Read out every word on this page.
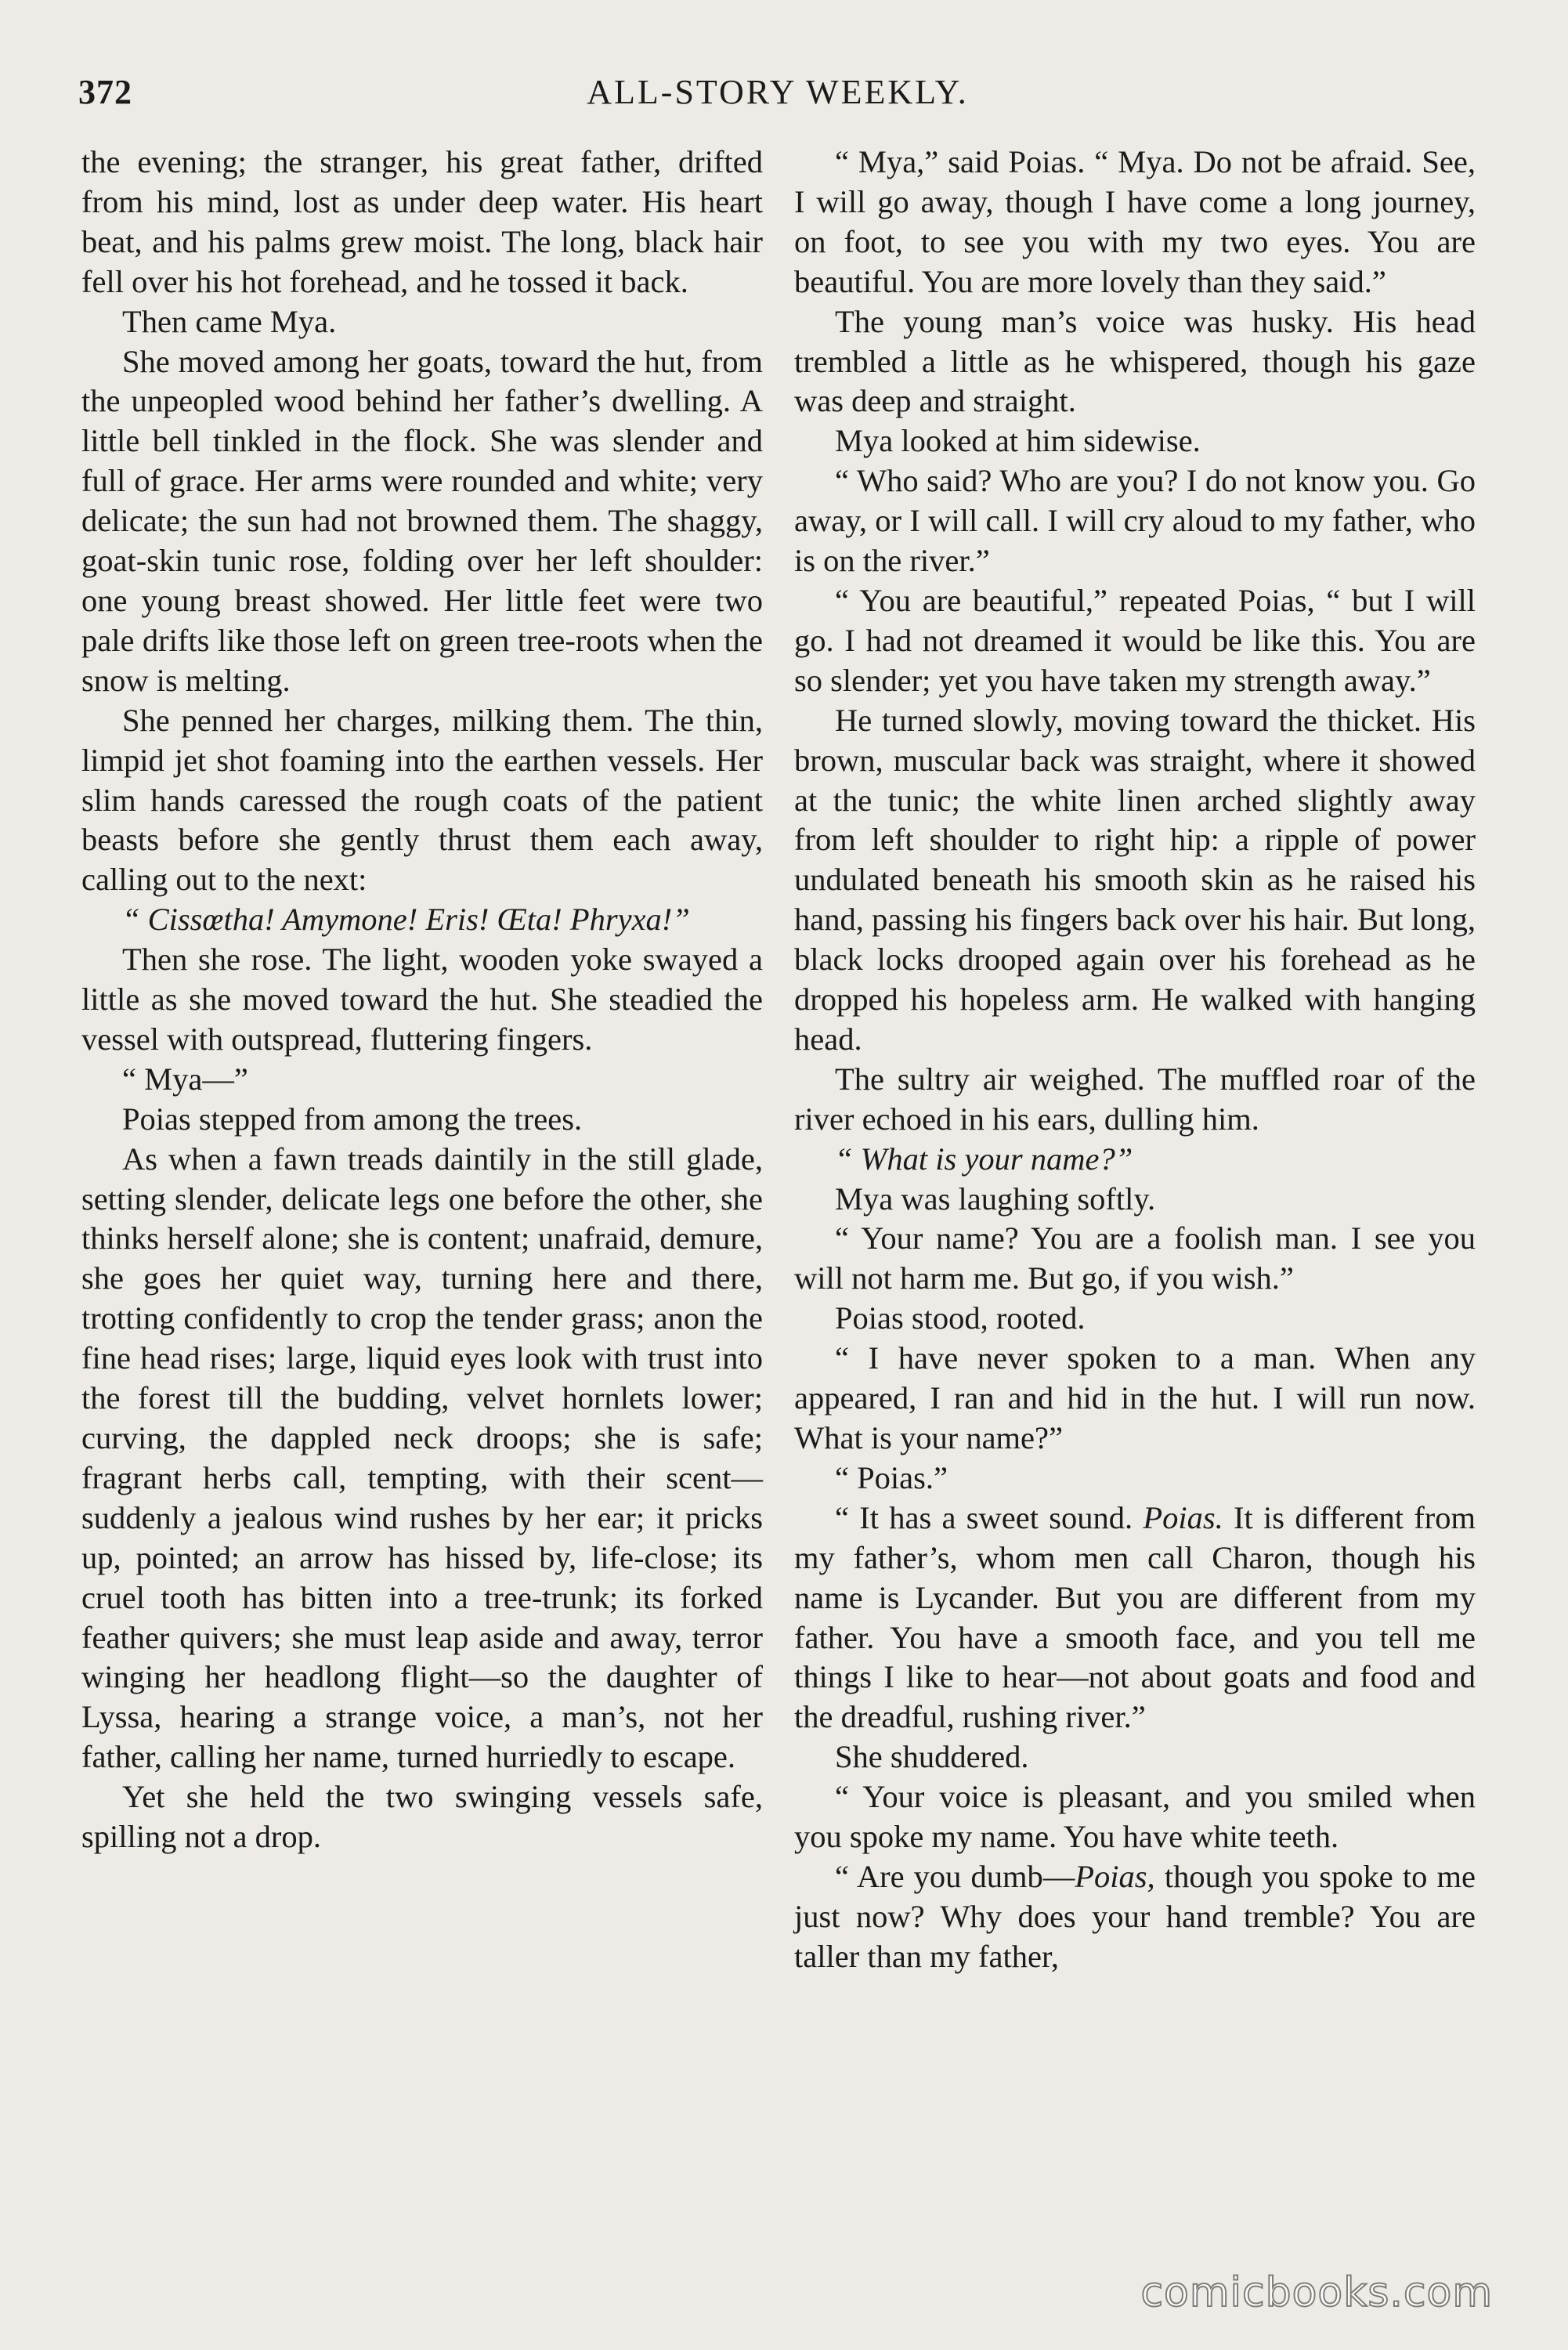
372	ALL-STORY WEEKLY.

the evening; the stranger, his great father, drifted from his mind, lost as under deep water. His heart beat, and his palms grew moist. The long, black hair fell over his hot forehead, and he tossed it back.

Then came Mya.

She moved among her goats, toward the hut, from the unpeopled wood behind her father’s dwelling. A little bell tinkled in the flock. She was slender and full of grace. Her arms were rounded and white; very delicate; the sun had not browned them. The shaggy, goat-skin tunic rose, folding over her left shoulder: one young breast showed. Her little feet were two pale drifts like those left on green tree-roots when the snow is melting.

She penned her charges, milking them. The thin, limpid jet shot foaming into the earthen vessels. Her slim hands caressed the rough coats of the patient beasts before she gently thrust them each away, calling out to the next:

“ Cissœtha! Amymone! Eris! Œta! Phryxa!”

Then she rose. The light, wooden yoke swayed a little as she moved toward the hut. She steadied the vessel with outspread, fluttering fingers.

“ Mya—”

Poias stepped from among the trees.

As when a fawn treads daintily in the still glade, setting slender, delicate legs one before the other, she thinks herself alone; she is content; unafraid, demure, she goes her quiet way, turning here and there, trotting confidently to crop the tender grass; anon the fine head rises; large, liquid eyes look with trust into the forest till the budding, velvet hornlets lower; curving, the dappled neck droops; she is safe; fragrant herbs call, tempting, with their scent—suddenly a jealous wind rushes by her ear; it pricks up, pointed; an arrow has hissed by, life-close; its cruel tooth has bitten into a tree-trunk; its forked feather quivers; she must leap aside and away, terror winging her headlong flight—so the daughter of Lyssa, hearing a strange voice, a man’s, not her father, calling her name, turned hurriedly to escape.

Yet she held the two swinging vessels safe, spilling not a drop.

“ Mya,” said Poias. “ Mya. Do not be afraid. See, I will go away, though I have come a long journey, on foot, to see you with my two eyes. You are beautiful. You are more lovely than they said.”

The young man’s voice was husky. His head trembled a little as he whispered, though his gaze was deep and straight.

Mya looked at him sidewise.

“ Who said? Who are you? I do not know you. Go away, or I will call. I will cry aloud to my father, who is on the river.”

“ You are beautiful,” repeated Poias, “ but I will go. I had not dreamed it would be like this. You are so slender; yet you have taken my strength away.”

He turned slowly, moving toward the thicket. His brown, muscular back was straight, where it showed at the tunic; the white linen arched slightly away from left shoulder to right hip: a ripple of power undulated beneath his smooth skin as he raised his hand, passing his fingers back over his hair. But long, black locks drooped again over his forehead as he dropped his hopeless arm. He walked with hanging head.

The sultry air weighed. The muffled roar of the river echoed in his ears, dulling him.

“ What is your name?”

Mya was laughing softly.

“ Your name? You are a foolish man. I see you will not harm me. But go, if you wish.”

Poias stood, rooted.

“ I have never spoken to a man. When any appeared, I ran and hid in the hut. I will run now. What is your name?”

“ Poias.”

“ It has a sweet sound. Poias. It is different from my father’s, whom men call Charon, though his name is Lycander. But you are different from my father. You have a smooth face, and you tell me things I like to hear—not about goats and food and the dreadful, rushing river.”

She shuddered.

“ Your voice is pleasant, and you smiled when you spoke my name. You have white teeth.

“ Are you dumb—Poias, though you spoke to me just now? Why does your hand tremble? You are taller than my father,

comicbooks.com
